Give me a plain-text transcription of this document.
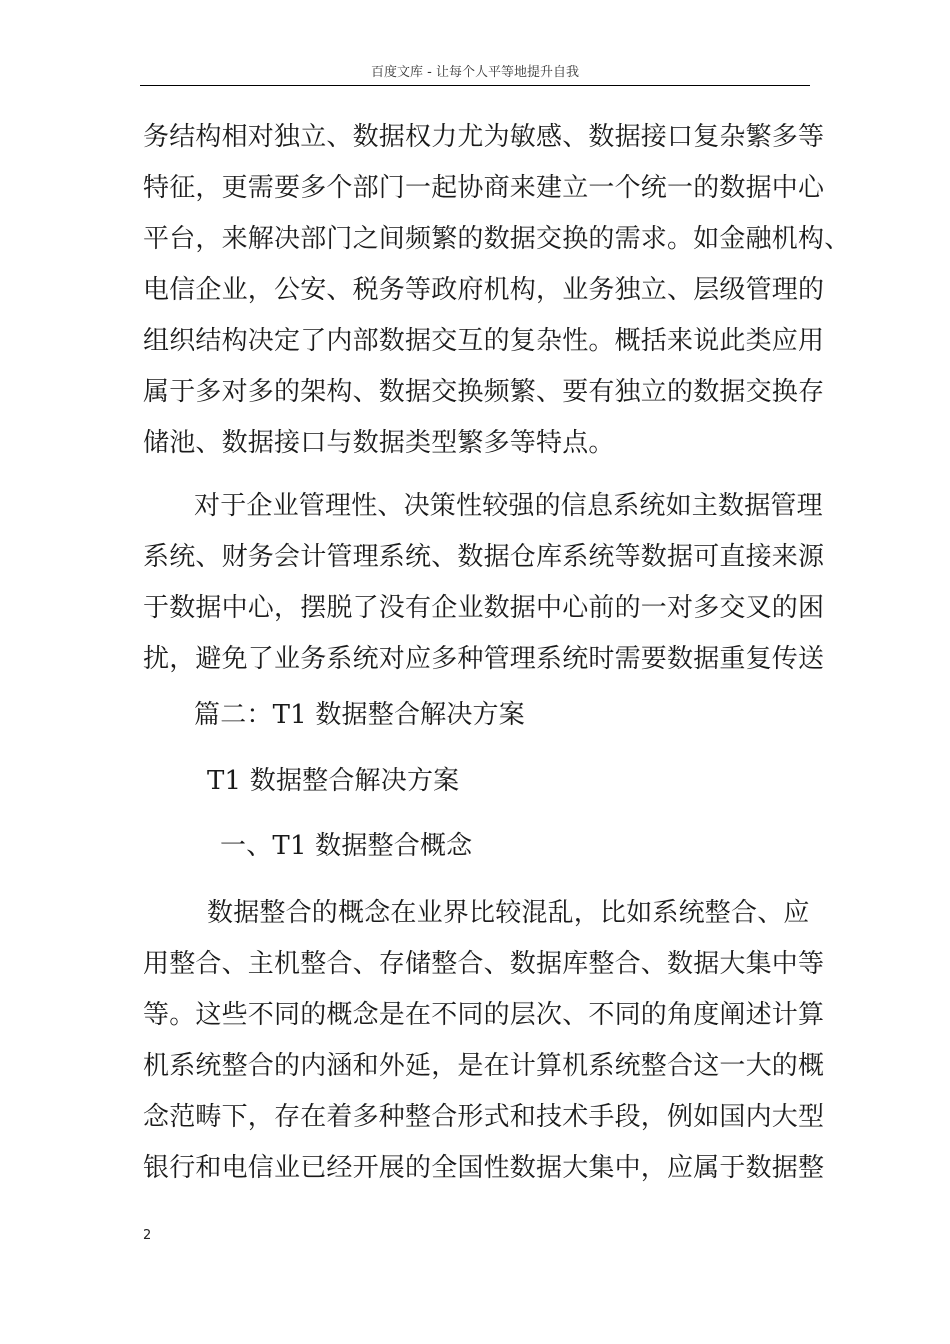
百度文库 - 让每个人平等地提升自我
务结构相对独立、数据权力尤为敏感、数据接口复杂繁多等
特征，更需要多个部门一起协商来建立一个统一的数据中心
平台，来解决部门之间频繁的数据交换的需求。如金融机构、
电信企业，公安、税务等政府机构，业务独立、层级管理的
组织结构决定了内部数据交互的复杂性。概括来说此类应用
属于多对多的架构、数据交换频繁、要有独立的数据交换存
储池、数据接口与数据类型繁多等特点。
对于企业管理性、决策性较强的信息系统如主数据管理
系统、财务会计管理系统、数据仓库系统等数据可直接来源
于数据中心，摆脱了没有企业数据中心前的一对多交叉的困
扰，避免了业务系统对应多种管理系统时需要数据重复传送
篇二：T1 数据整合解决方案
T1 数据整合解决方案
一、T1 数据整合概念
数据整合的概念在业界比较混乱，比如系统整合、应
用整合、主机整合、存储整合、数据库整合、数据大集中等
等。这些不同的概念是在不同的层次、不同的角度阐述计算
机系统整合的内涵和外延，是在计算机系统整合这一大的概
念范畴下，存在着多种整合形式和技术手段，例如国内大型
银行和电信业已经开展的全国性数据大集中，应属于数据整
2
